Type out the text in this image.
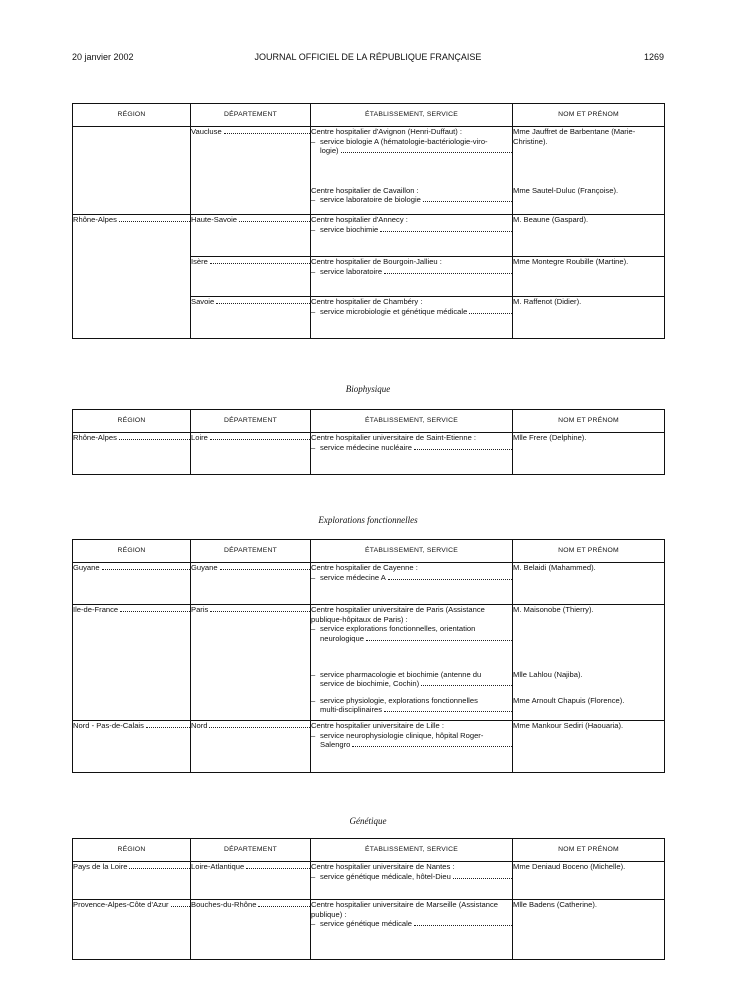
20 janvier 2002	JOURNAL OFFICIEL DE LA RÉPUBLIQUE FRANÇAISE	1269
RÉGION	DÉPARTEMENT	ÉTABLISSEMENT, SERVICE	NOM ET PRÉNOM

	Vaucluse	Centre hospitalier d'Avignon (Henri-Duffaut) :
– service biologie A (hématologie-bactériologie-viro-
logie)	Mme Jauffret de Barbentane (Marie-Christine).

		Centre hospitalier de Cavaillon :
– service laboratoire de biologie	Mme Sautel-Duluc (Françoise).

Rhône-Alpes	Haute-Savoie	Centre hospitalier d'Annecy :
– service biochimie	M. Beaune (Gaspard).

	Isère	Centre hospitalier de Bourgoin-Jallieu :
– service laboratoire	Mme Montegre Roubille (Martine).

	Savoie	Centre hospitalier de Chambéry :
– service microbiologie et génétique médicale	M. Raffenot (Didier).
Biophysique
RÉGION	DÉPARTEMENT	ÉTABLISSEMENT, SERVICE	NOM ET PRÉNOM

Rhône-Alpes	Loire	Centre hospitalier universitaire de Saint-Etienne :
– service médecine nucléaire	Mlle Frere (Delphine).
Explorations fonctionnelles
RÉGION	DÉPARTEMENT	ÉTABLISSEMENT, SERVICE	NOM ET PRÉNOM

Guyane	Guyane	Centre hospitalier de Cayenne :
– service médecine A	M. Belaidi (Mahammed).

Ile-de-France	Paris	Centre hospitalier universitaire de Paris (Assistance publique-hôpitaux de Paris) :
– service explorations fonctionnelles, orientation
neurologique	M. Maisonobe (Thierry).

		– service pharmacologie et biochimie (antenne du
service de biochimie, Cochin)	Mlle Lahlou (Najiba).

		– service physiologie, explorations fonctionnelles
multi-disciplinaires	Mme Arnoult Chapuis (Florence).

Nord - Pas-de-Calais	Nord	Centre hospitalier universitaire de Lille :
– service neurophysiologie clinique, hôpital Roger-
Salengro	Mme Mankour Sediri (Haouaria).
Génétique
RÉGION	DÉPARTEMENT	ÉTABLISSEMENT, SERVICE	NOM ET PRÉNOM

Pays de la Loire	Loire-Atlantique	Centre hospitalier universitaire de Nantes :
– service génétique médicale, hôtel-Dieu	Mme Deniaud Boceno (Michelle).

Provence-Alpes-Côte d'Azur	Bouches-du-Rhône	Centre hospitalier universitaire de Marseille (Assistance publique) :
– service génétique médicale	Mlle Badens (Catherine).
